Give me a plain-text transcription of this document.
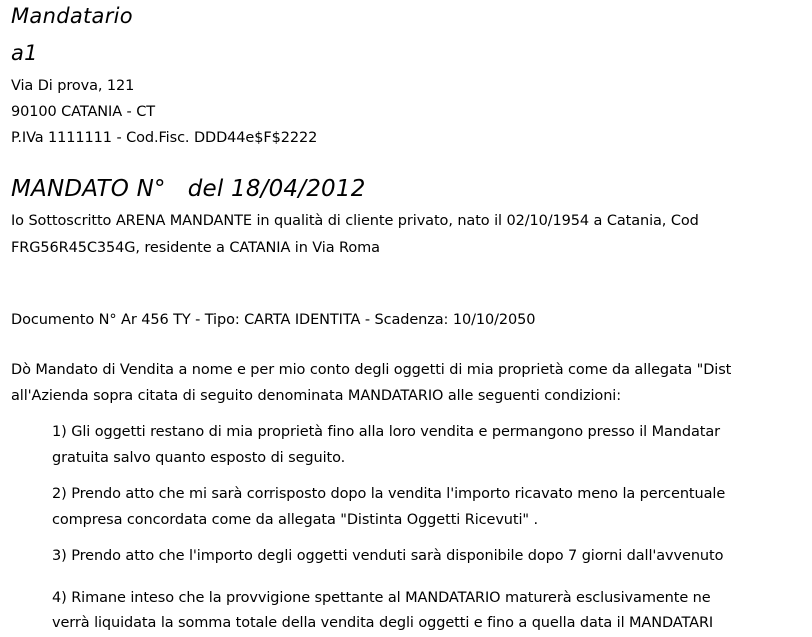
Mandatario
a1
Via Di prova, 121
90100 CATANIA - CT
P.IVa 1111111 - Cod.Fisc. DDD44e$F$2222
MANDATO N° del 18/04/2012
Io Sottoscritto ARENA MANDANTE in qualità di cliente privato, nato il 02/10/1954 a Catania, Cod
FRG56R45C354G, residente a CATANIA in Via Roma
Documento N° Ar 456 TY - Tipo: CARTA IDENTITA - Scadenza: 10/10/2050
Dò Mandato di Vendita a nome e per mio conto degli oggetti di mia proprietà come da allegata "Dist
all'Azienda sopra citata di seguito denominata MANDATARIO alle seguenti condizioni:
1) Gli oggetti restano di mia proprietà fino alla loro vendita e permangono presso il Mandatar
gratuita salvo quanto esposto di seguito.
2) Prendo atto che mi sarà corrisposto dopo la vendita l'importo ricavato meno la percentuale
compresa concordata come da allegata "Distinta Oggetti Ricevuti" .
3) Prendo atto che l'importo degli oggetti venduti sarà disponibile dopo 7 giorni dall'avvenuto
4) Rimane inteso che la provvigione spettante al MANDATARIO maturerà esclusivamente ne
verrà liquidata la somma totale della vendita degli oggetti e fino a quella data il MANDATARI
